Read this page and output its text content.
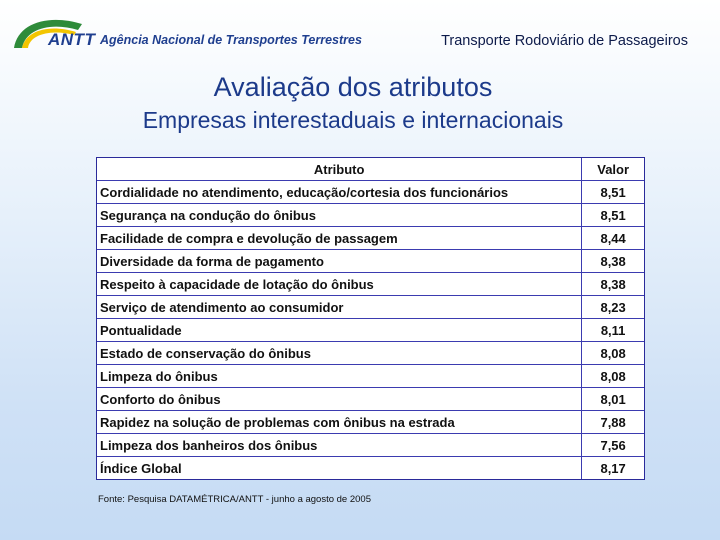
ANTT Agência Nacional de Transportes Terrestres	Transporte Rodoviário de Passageiros
Avaliação dos atributos
Empresas interestaduais e internacionais
Atributo	Valor
Cordialidade no atendimento, educação/cortesia dos funcionários	8,51
Segurança na condução do ônibus	8,51
Facilidade de compra e devolução de passagem	8,44
Diversidade da forma de pagamento	8,38
Respeito à capacidade de lotação do ônibus	8,38
Serviço de atendimento ao consumidor	8,23
Pontualidade	8,11
Estado de conservação do ônibus	8,08
Limpeza do ônibus	8,08
Conforto do ônibus	8,01
Rapidez na solução de problemas com ônibus na estrada	7,88
Limpeza dos banheiros dos ônibus	7,56
Índice Global	8,17
Fonte: Pesquisa DATAMÉTRICA/ANTT - junho a agosto de 2005
